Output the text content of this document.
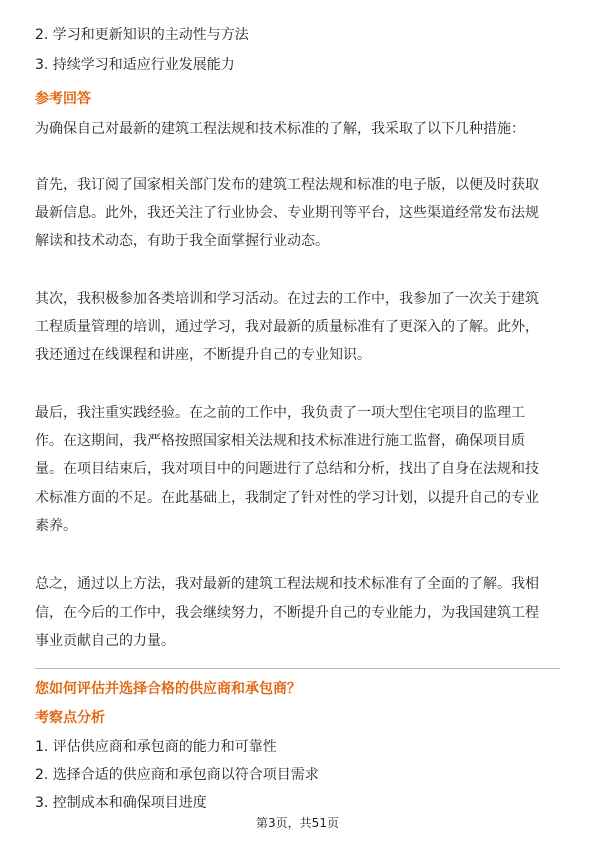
2. 学习和更新知识的主动性与方法
3. 持续学习和适应行业发展能力
参考回答
为确保自己对最新的建筑工程法规和技术标准的了解，我采取了以下几种措施：
首先，我订阅了国家相关部门发布的建筑工程法规和标准的电子版，以便及时获取
最新信息。此外，我还关注了行业协会、专业期刊等平台，这些渠道经常发布法规
解读和技术动态，有助于我全面掌握行业动态。
其次，我积极参加各类培训和学习活动。在过去的工作中，我参加了一次关于建筑
工程质量管理的培训，通过学习，我对最新的质量标准有了更深入的了解。此外，
我还通过在线课程和讲座，不断提升自己的专业知识。
最后，我注重实践经验。在之前的工作中，我负责了一项大型住宅项目的监理工
作。在这期间，我严格按照国家相关法规和技术标准进行施工监督，确保项目质
量。在项目结束后，我对项目中的问题进行了总结和分析，找出了自身在法规和技
术标准方面的不足。在此基础上，我制定了针对性的学习计划，以提升自己的专业
素养。
总之，通过以上方法，我对最新的建筑工程法规和技术标准有了全面的了解。我相
信，在今后的工作中，我会继续努力，不断提升自己的专业能力，为我国建筑工程
事业贡献自己的力量。
您如何评估并选择合格的供应商和承包商？
考察点分析
1. 评估供应商和承包商的能力和可靠性
2. 选择合适的供应商和承包商以符合项目需求
3. 控制成本和确保项目进度
第3页，共51页
